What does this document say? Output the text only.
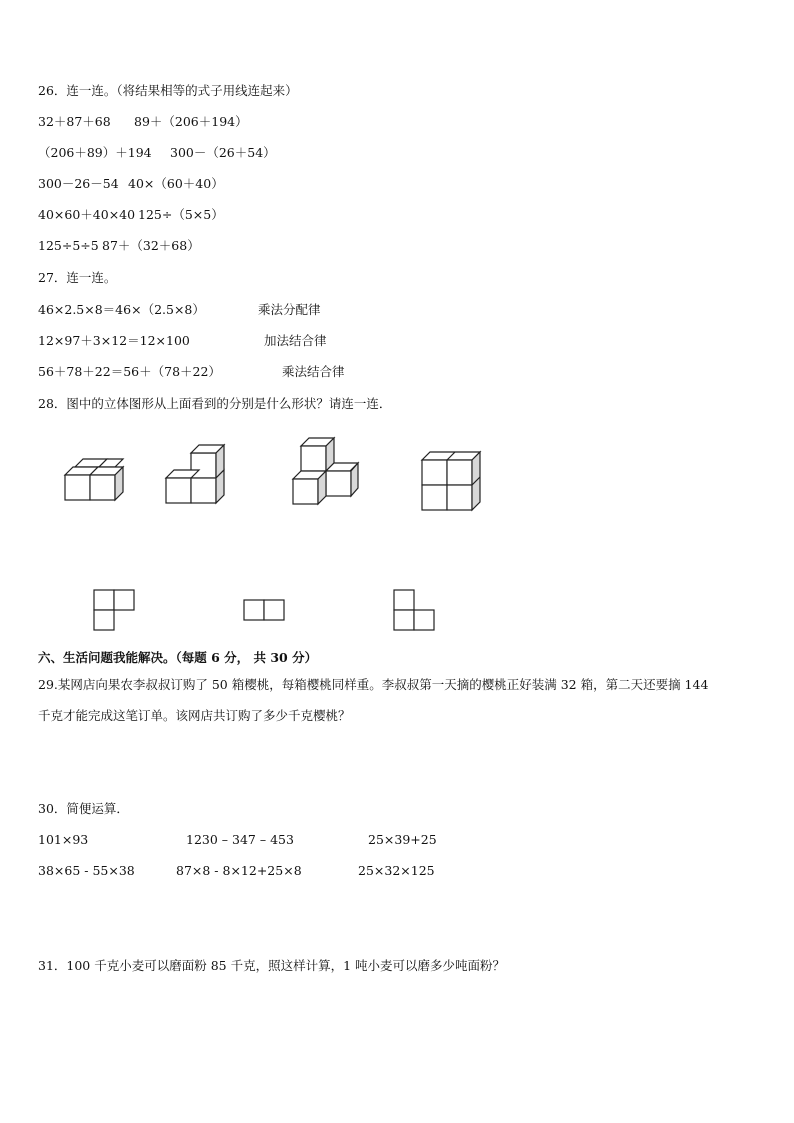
26．连一连。（将结果相等的式子用线连起来）
32＋87＋68 89＋（206＋194）
（206＋89）＋194 300－（26＋54）
300－26－54 40×（60＋40）
40×60＋40×40 125÷（5×5）
125÷5÷5 87＋（32＋68）
27．连一连。
46×2.5×8＝46×（2.5×8）	乘法分配律
12×97＋3×12＝12×100	加法结合律
56＋78＋22＝56＋（78＋22）	乘法结合律
28．图中的立体图形从上面看到的分别是什么形状？请连一连．
六、生活问题我能解决。（每题 6 分， 共 30 分）
29.某网店向果农李叔叔订购了 50 箱樱桃，每箱樱桃同样重。李叔叔第一天摘的樱桃正好装满 32 箱，第二天还要摘 144
千克才能完成这笔订单。该网店共订购了多少千克樱桃？
30．简便运算．
101×93	1230 – 347 – 453	25×39+25
38×65 - 55×38	87×8 - 8×12+25×8	25×32×125
31．100 千克小麦可以磨面粉 85 千克，照这样计算，1 吨小麦可以磨多少吨面粉？
